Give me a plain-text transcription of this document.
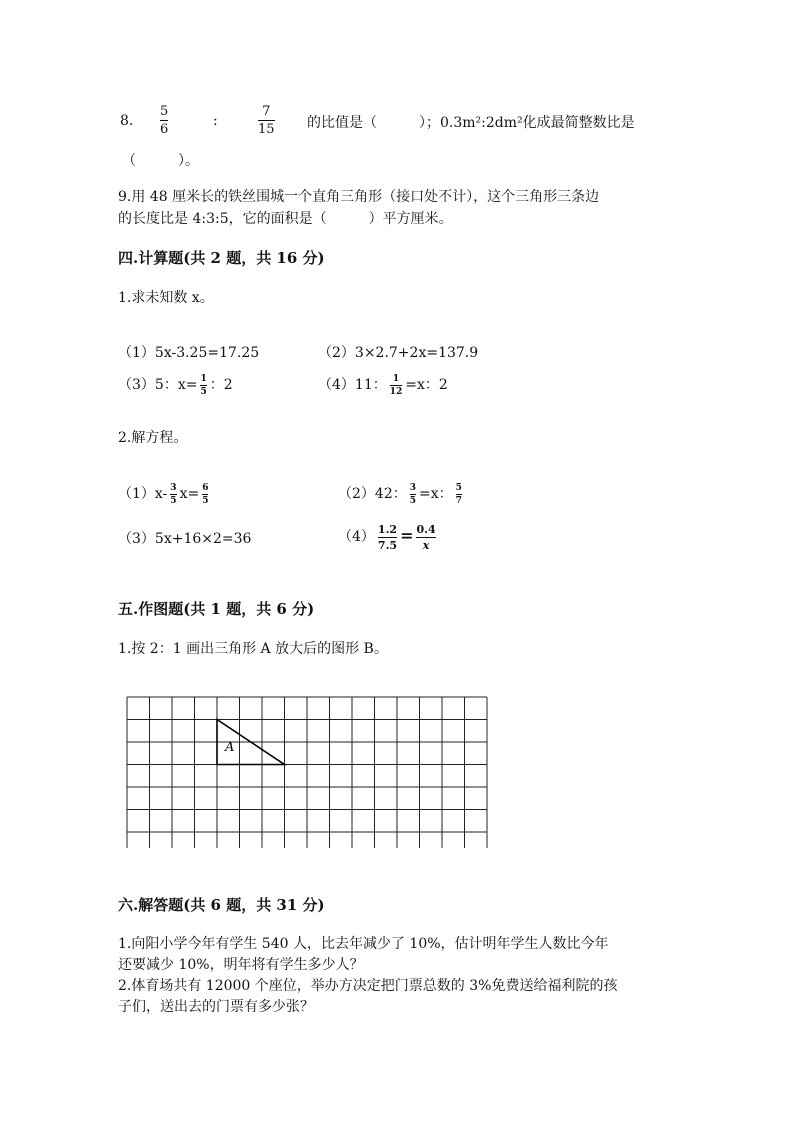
8.
5
6
:
7
15 的比值是（　　　）；0.3m²:2dm²化成最简整数比是
（　　　）。
9.用 48 厘米长的铁丝围城一个直角三角形（接口处不计），这个三角形三条边
的长度比是 4:3:5，它的面积是（　　　）平方厘米。
四.计算题(共 2 题，共 16 分)
1.求未知数 x。
（1）5x-3.25=17.25	（2）3×2.7+2x=137.9
（3）5：$x= \frac{1}{5}$ ：2	（4）11： $\frac{1}{12} =x$：2
2.解方程。
$(1)x- \frac{3}{5} x= \frac{6}{5}$	（2）42： $\frac{3}{5} =x$： $\frac{5}{7}$
（3）5x+16×2=36	$(4) \frac{1.2}{7.5} = \frac{0.4}{x}$
五.作图题(共 1 题，共 6 分)
1.按 2：1 画出三角形 A 放大后的图形 B。
A
六.解答题(共 6 题，共 31 分)
1.向阳小学今年有学生 540 人，比去年减少了 10%，估计明年学生人数比今年
还要减少 10%，明年将有学生多少人？
2.体育场共有 12000 个座位，举办方决定把门票总数的 3%免费送给福利院的孩
子们，送出去的门票有多少张？
